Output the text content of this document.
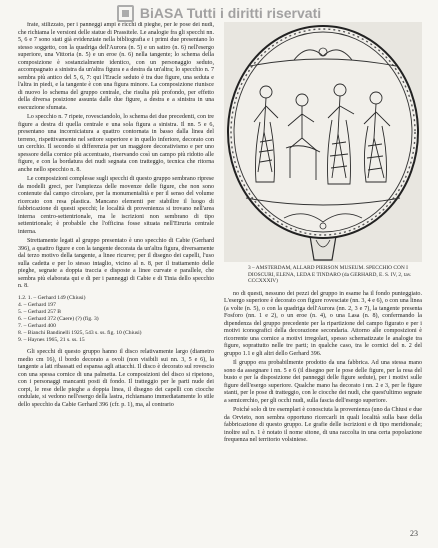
BiASA Tutti i diritti riservati

frate, stilizzato, per i panneggi ampi e ricchi di pieghe, per le pose dei nudi, che richiama le versioni delle statue di Prassitele. Le analogie fra gli specchi nn. 5, 6 e 7 sono stati già evidenziate nella bibliografia e i primi due presentano lo stesso soggetto, con la quadriga dell'Aurora (n. 5) e un satiro (n. 6) nell'esergo superiore, una Vittoria (n. 5) e un eroe (n. 6) nella tangente; lo schema della composizione è sostanzialmente identico, con un personaggio seduto, accompagnato a sinistra da un'altra figura e a destra da un'altra; lo specchio n. 7 sembra più antico del 5, 6, 7: qui l'Eracle seduto è tra due figure, una seduta e l'altra in piedi, e la tangente è con una figura minore. La composizione riunisce di nuovo lo schema del gruppo centrale, che risulta più profondo, per effetto della diversa posizione assunta dalle due figure, a destra e a sinistra in una esecuzione sfumata.

Lo specchio n. 7 ripete, rovesciandolo, lo schema dei due precedenti, con tre figure a destra di quella centrale e una sola figura a sinistra. Il nn. 5 e 6, presentano una incorniciatura a quattro contornata in basso dalla linea del terreno, rispettivamente nel settore superiore e in quello inferiore, decorato con un cerchio. Il secondo si differenzia per un maggiore decorativismo e per uno spessore della cornice più accentuato, riservando così un campo più ridotto alle figure, e con la bordatura dei nudi segnata con tratteggio, tecnica che ritorna anche nello specchio n. 8.

Le composizioni complesse sugli specchi di questo gruppo sembrano riprese da modelli greci, per l'ampiezza delle movenze delle figure, che non sono contenute dal campo circolare, per la monumentalità e per il senso del volume ricercato con resa plastica. Mancano elementi per stabilire il luogo di fabbricazione di questi specchi; le località di provenienza si trovano nell'area interna centro-settentrionale, ma le iscrizioni non sembrano di tipo settentrionale; è probabile che l'officina fosse situata nell'Etruria centrale interna.

Strettamente legati al gruppo presentato è uno specchio di Cabie (Gerhard 396), a quattro figure e con la tangente decorata da un'altra figura, diversamente dal terzo motivo della tangente, a linee ricurve; per il disegno dei capelli, l'uso sulla cadetta e per lo stesso intaglio, vicino al n. 8, per il trattamento delle pieghe, segnate a doppia traccia e disposte a linee curvate e parallele, che sembra più elaborata qui e di per i panneggi di Cabie e di Tinia dello specchio n. 8.

1.2. 1. – Gerhard 149 (Chiusi)
4. – Gerhard 197
5. – Gerhard 257 B
6. – Gerhard 372 (Caere) (?) (fig. 3)
7. – Gerhard 400
8. – Bianchi Bandinelli 1925, 543 s. ss. fig. 10 (Chiusi)
9. – Haynes 1965, 21 s. ss. 15

Gli specchi di questo gruppo hanno il disco relativamente largo (diametro medio cm 16), il bordo decorato a ovoli (non visibili sui nn. 3, 5 e 6), la tangente a lati ribassati ed espansa agli attacchi. Il disco è decorato sul rovescio con una spessa cornice di una palmetta. Le composizioni del disco si ripetono, con i personaggi mancanti posti di fondo. Il tratteggio per le parti nude dei corpi, le rese delle pieghe a doppia linea, il disegno dei capelli con ciocche ondulate, si vedono nell'esergo della lastra, richiamano immediatamente lo stile dello specchio da Cabie Gerhard 396 (cfr. p. 1), ma, al contrario

3 – AMSTERDAM, ALLARD PIERSON MUSEUM. SPECCHIO CON I DIOSCURI, ELENA, LEDA E TINDARO (da GERHARD, E. S. IV, 2, tav. CCCXXXIV)

no di questi, nessuno dei pezzi del gruppo in esame ha il fondo punteggiato. L'esergo superiore è decorato con figure rovesciate (nn. 3, 4 e 6), o con una linea (a volte (n. 5), o con la quadriga dell'Aurora (nn. 2, 3 e 7), la tangente presenta Fosforo (nn. 1 e 2), o un eroe (n. 4), o una Lasa (n. 8), confermando la dipendenza del gruppo precedente per la ripartizione del campo figurato e per i motivi iconografici della decorazione secondaria. Attorno alle composizioni è ricorrente una cornice a motivi irregolari, spesso schematizzate le analogie tra figure, soprattutto nelle tre parti; in qualche caso, tra le cornici del n. 2 del gruppo 1.1 e gli altri dello Gerhard 396.

Il gruppo era probabilmente prodotto da una fabbrica. Ad una stessa mano sono da assegnare i nn. 5 e 6 (il disegno per le pose delle figure, per la resa del busto e per la disposizione dei panneggi delle figure sedute), per i motivi sulle figure dell'esergo superiore. Qualche mano ha decorato i nn. 2 e 3, per le figure stanti, per le pose di tratteggio, con le ciocche dei nudi, che quest'ultimo segnate a semicerchio, per gli occhi nudi, sulla fascia dell'esergo superiore.

Poiché solo di tre esemplari è conosciuta la provenienza (uno da Chiusi e due da Orvieto, non sembra opportuno ricercarli in quali località sulla base della fabbricazione di questo gruppo. Le grafie delle iscrizioni e di tipo meridionale; inoltre sul n. 1 è notato il nome sitone, di una raccolta in una certa popolazione frequenza nel territorio volsiniese.

23
